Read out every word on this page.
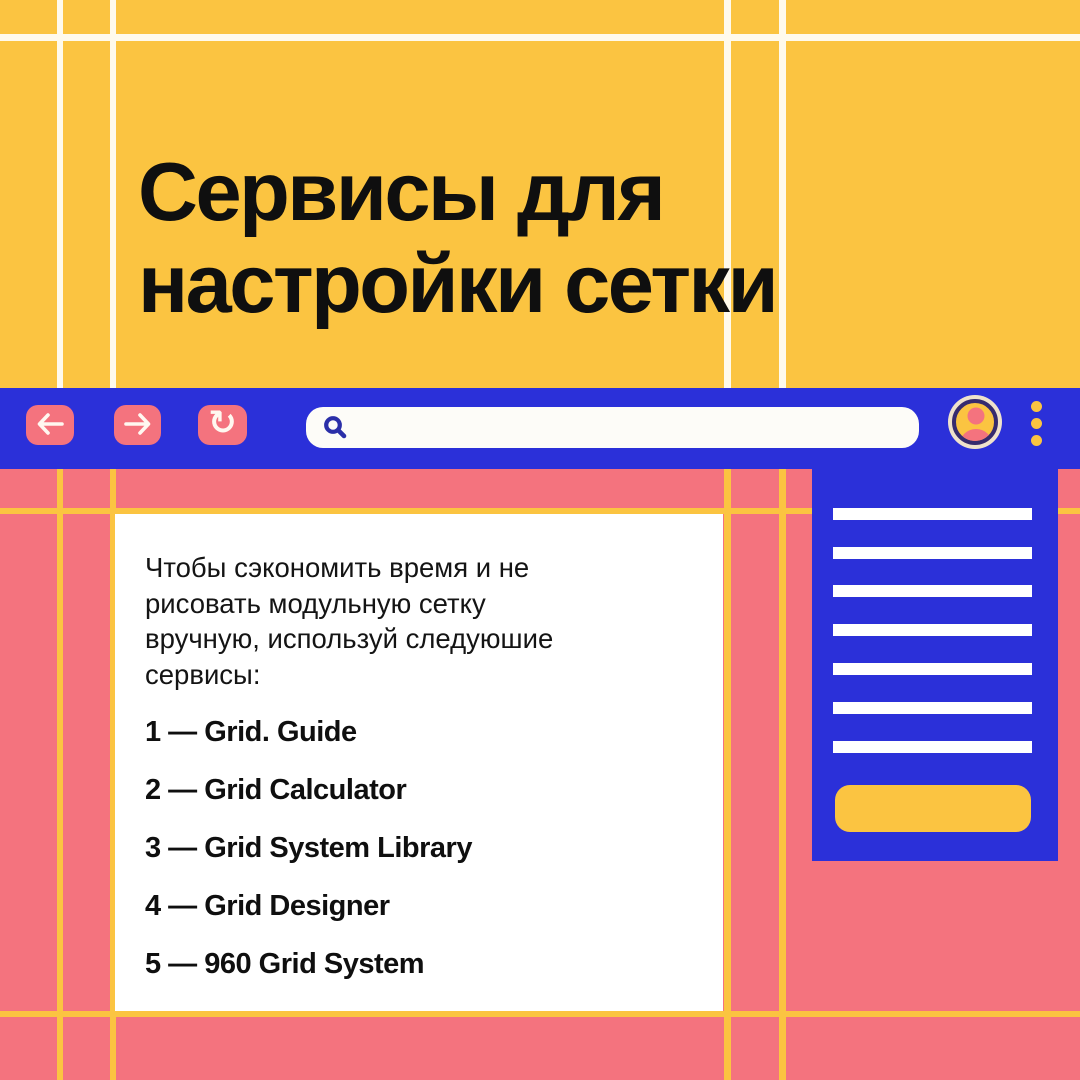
Сервисы для
настройки сетки
↻
Чтобы сэкономить время и не
рисовать модульную сетку
вручную, используй следуюшие
сервисы:
1 — Grid. Guide
2 — Grid Calculator
3 — Grid System Library
4 — Grid Designer
5 — 960 Grid System
